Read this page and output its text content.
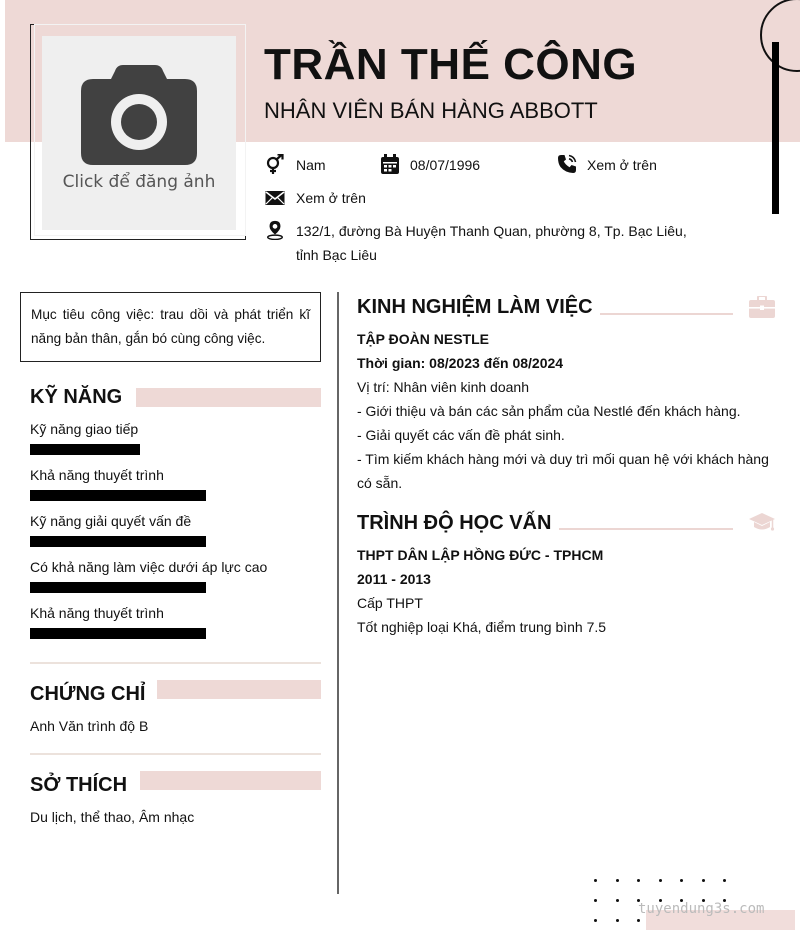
Click để đăng ảnh
TRẦN THẾ CÔNG
NHÂN VIÊN BÁN HÀNG ABBOTT
Nam	08/07/1996	Xem ở trên
Xem ở trên
132/1, đường Bà Huyện Thanh Quan, phường 8, Tp. Bạc Liêu,
tỉnh Bạc Liêu
Mục tiêu công việc: trau dồi và phát triển kĩ năng bản thân, gắn bó cùng công việc.
KỸ NĂNG
Kỹ năng giao tiếp
Khả năng thuyết trình
Kỹ năng giải quyết vấn đề
Có khả năng làm việc dưới áp lực cao
Khả năng thuyết trình
CHỨNG CHỈ
Anh Văn trình độ B
SỞ THÍCH
Du lịch, thể thao, Âm nhạc
KINH NGHIỆM LÀM VIỆC
TẬP ĐOÀN NESTLE
Thời gian: 08/2023 đến 08/2024
Vị trí: Nhân viên kinh doanh
- Giới thiệu và bán các sản phẩm của Nestlé đến khách hàng.
- Giải quyết các vấn đề phát sinh.
- Tìm kiếm khách hàng mới và duy trì mối quan hệ với khách hàng
có sẵn.
TRÌNH ĐỘ HỌC VẤN
THPT DÂN LẬP HỒNG ĐỨC - TPHCM
2011 - 2013
Cấp THPT
Tốt nghiệp loại Khá, điểm trung bình 7.5
tuyendung3s.com
